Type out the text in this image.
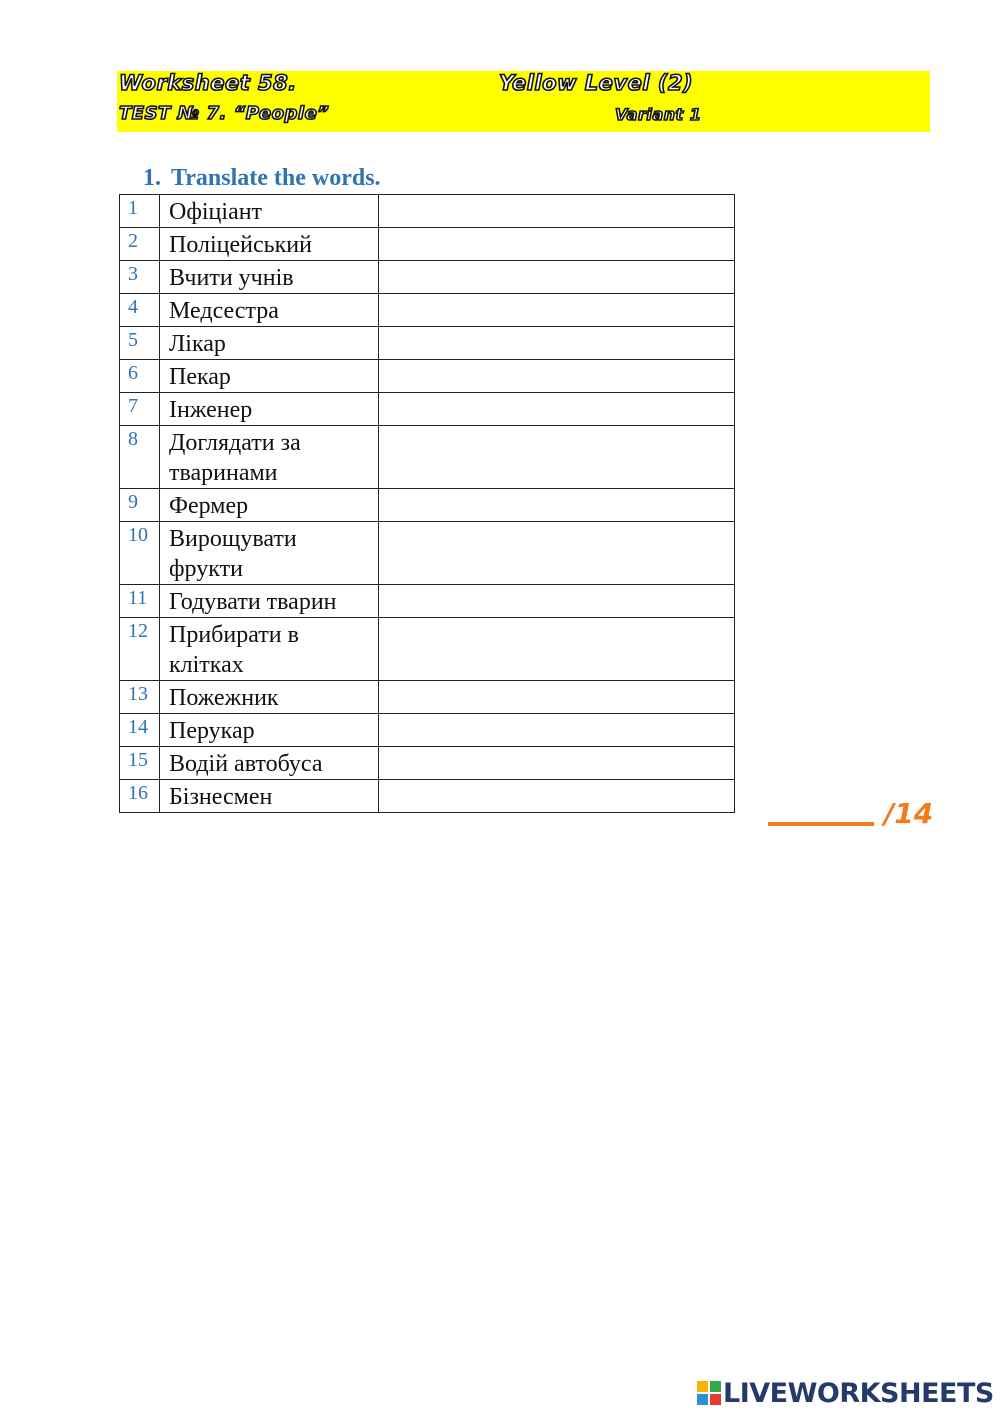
Worksheet 58.	Yellow Level (2)
TEST № 7. “People”	Variant 1
1. Translate the words.
1	Офіціант	

2	Поліцейський	

3	Вчити учнів	

4	Медсестра	

5	Лікар	

6	Пекар	

7	Інженер	

8	Доглядати за
тваринами	

9	Фермер	

10	Вирощувати
фрукти	

11	Годувати тварин	

12	Прибирати в
клітках	

13	Пожежник	

14	Перукар	

15	Водій автобуса	

16	Бізнесмен	
		/14
LIVEWORKSHEETS
